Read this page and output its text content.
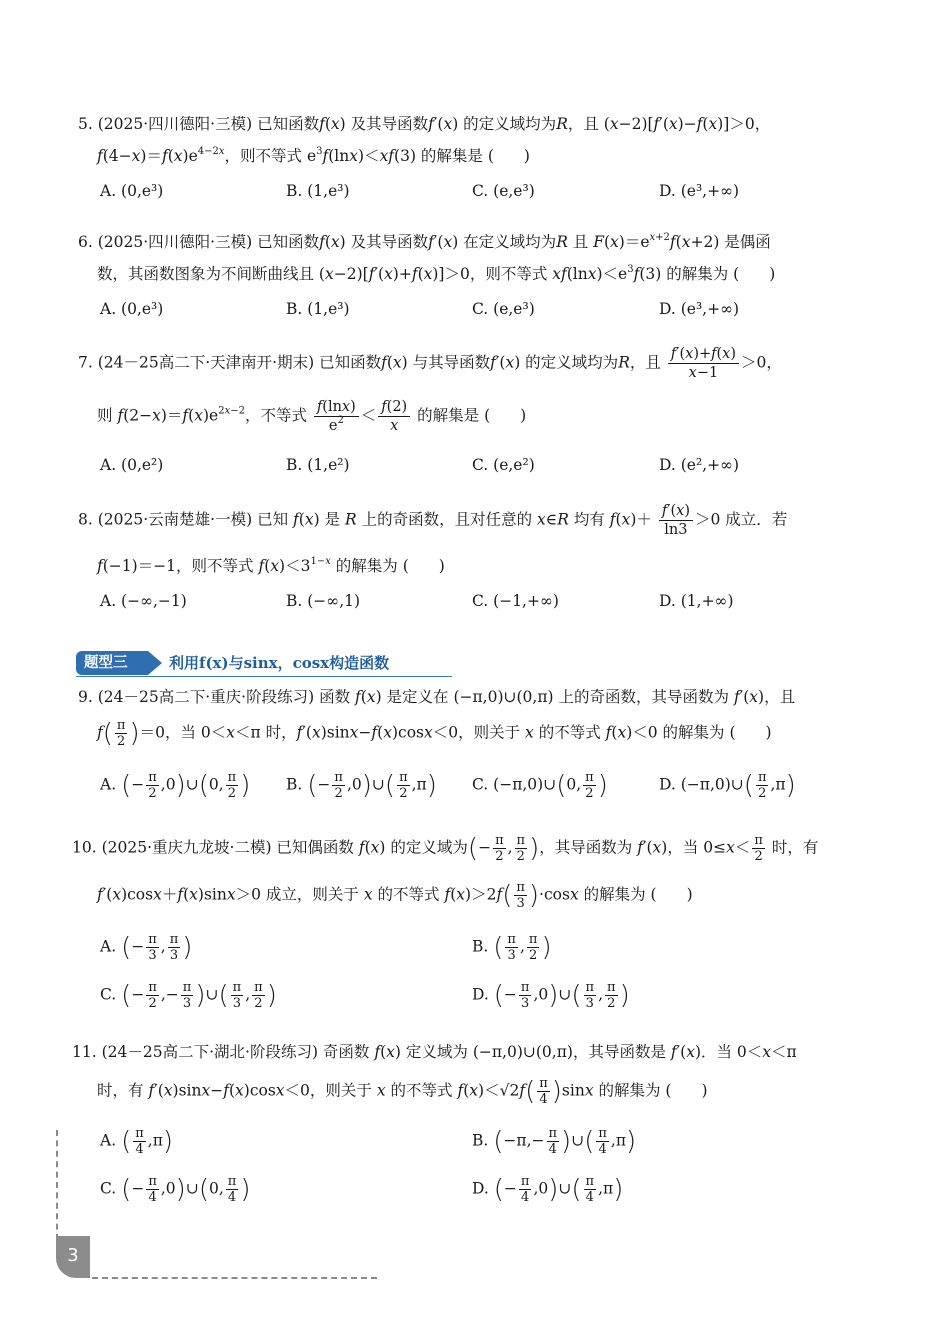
5. (2025·四川德阳·三模) 已知函数f(x) 及其导函数f′(x) 的定义域均为R，且 (x−2)[f′(x)−f(x)]＞0，
$f(4-x)=f(x)e^{4-2x}$，则不等式 $e^3f(\ln x)<xf(3)$ 的解集是 ( )
A. (0,e³)	B. (1,e³)	C. (e,e³)	D. (e³,+∞)
6. (2025·四川德阳·三模) 已知函数f(x) 及其导函数f′(x) 在定义域均为R 且 $F(x)=e^{x+2}f(x+2)$ 是偶函
数，其函数图象为不间断曲线且 (x−2)[f′(x)+f(x)]＞0，则不等式 $xf(\ln x)<e^3f(3)$ 的解集为 ( )
A. (0,e³)	B. (1,e³)	C. (e,e³)	D. (e³,+∞)
7. (24－25高二下·天津南开·期末) 已知函数f(x) 与其导函数f′(x) 的定义域均为R，且 $\frac{f'(x)+f(x)}{x-1} >0$，
则 $f(2-x)=f(x)e^{2x-2}$，不等式 $\frac{f(\ln x)}{e^2} < \frac{f(2)}{x}$ 的解集是 ( )
A. (0,e²)	B. (1,e²)	C. (e,e²)	D. (e²,+∞)
8. (2025·云南楚雄·一模) 已知 f(x) 是 R 上的奇函数，且对任意的 x∈R 均有 $f(x)+ \frac{f'(x)}{\ln 3} >0$ 成立．若
f(−1)＝−1，则不等式 $f(x)<3^{1-x}$ 的解集为 ( )
A. (−∞,−1)	B. (−∞,1)	C. (−1,+∞)	D. (1,+∞)
题型三	利用f(x)与sinx，cosx构造函数
9. (24－25高二下·重庆·阶段练习) 函数 f(x) 是定义在 (−π,0)∪(0,π) 上的奇函数，其导函数为 f′(x)，且
$f( \frac{\pi}{2} )=0$，当 0＜x＜π 时，f′(x)sinx−f(x)cosx＜0，则关于 x 的不等式 f(x)＜0 的解集为 ( )
A. (− $\frac{\pi}{2}$ ,0)∪(0, $\frac{\pi}{2}$ ) B. (− $\frac{\pi}{2}$ ,0)∪( $\frac{\pi}{2} ,\pi$) C. (−π,0)∪(0, $\frac{\pi}{2}$ )	D. (−π,0)∪( $\frac{\pi}{2} ,\pi$)
10. (2025·重庆九龙坡·二模) 已知偶函数 f(x) 的定义域为(− $\frac{\pi}{2}$ , $\frac{\pi}{2}$ )，其导函数为 f′(x)，当 $0\le x< \frac{\pi}{2}$ 时，有
f′(x)cosx＋f(x)sinx＞0 成立，则关于 x 的不等式 $f(x)>2f( \frac{\pi}{3} )\cdot\cos x$ 的解集为 ( )
A. (− $\frac{\pi}{3}$ , $\frac{\pi}{3}$ )	B. ( $\frac{\pi}{3}$ , $\frac{\pi}{2}$ )
C. (− $\frac{\pi}{2}$ ,− $\frac{\pi}{3}$ )∪( $\frac{\pi}{3}$ , $\frac{\pi}{2}$ )	D. (− $\frac{\pi}{3}$ ,0)∪( $\frac{\pi}{3}$ , $\frac{\pi}{2}$ )
11. (24－25高二下·湖北·阶段练习) 奇函数 f(x) 定义域为 (−π,0)∪(0,π)，其导函数是 f′(x)．当 0＜x＜π
时，有 f′(x)sinx−f(x)cosx＜0，则关于 x 的不等式 $f(x)<√2f( \frac{\pi}{4} )\sin x$ 的解集为 ( )
A. ( $\frac{\pi}{4} ,\pi$)	B. ($-\pi,- \frac{\pi}{4}$ )∪( $\frac{\pi}{4} ,\pi$)
C. (− $\frac{\pi}{4}$ ,0)∪(0, $\frac{\pi}{4}$ )	D. (− $\frac{\pi}{4}$ ,0)∪( $\frac{\pi}{4} ,\pi$)
3
